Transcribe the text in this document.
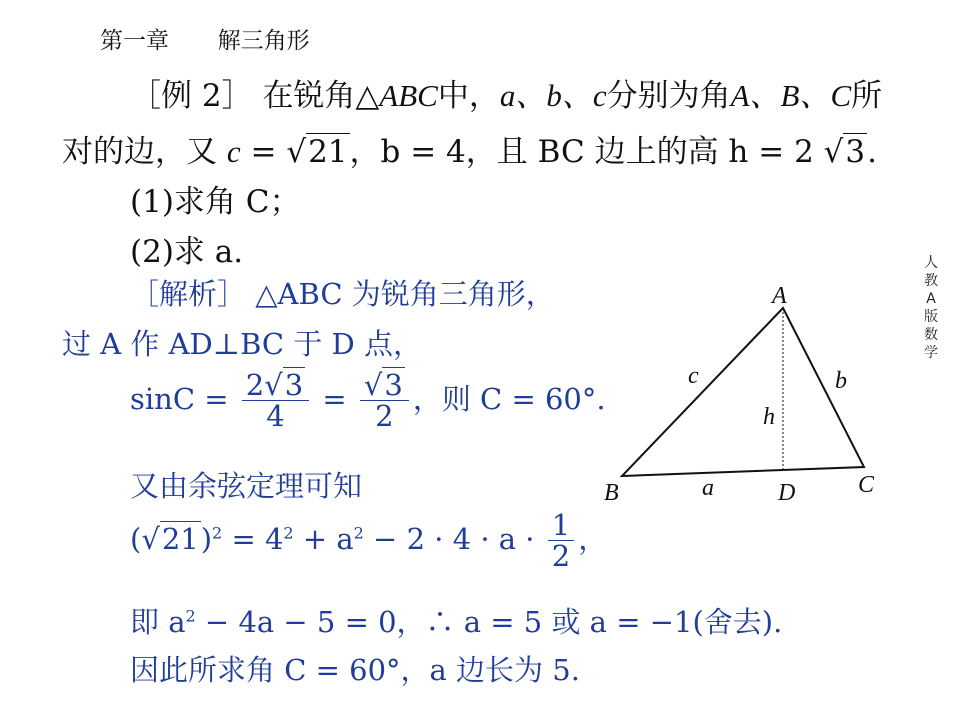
第一章 解三角形
［例 2］ 在锐角△ABC中，a、b、c分别为角A、B、C所
对的边，又 c = √21，b = 4，且 BC 边上的高 h = 2 √3.
(1)求角 C；
(2)求 a.
［解析］ △ABC 为锐角三角形，
过 A 作 AD⊥BC 于 D 点，
$\sin C = \frac{2√3}{4} = \frac{√3}{2}$ ，则 C = 60°.
又由余弦定理可知
$(√21)^2 = 4^2 + a^2 - 2 \cdot 4 \cdot a \cdot \frac{1}{2}$ ，
即 $a^2 - 4a - 5 = 0$，∴ a = 5 或 a = −1(舍去).
因此所求角 C = 60°，a 边长为 5.
A
B	C
D
a
b
c
h
人
教
A
版
数
学
